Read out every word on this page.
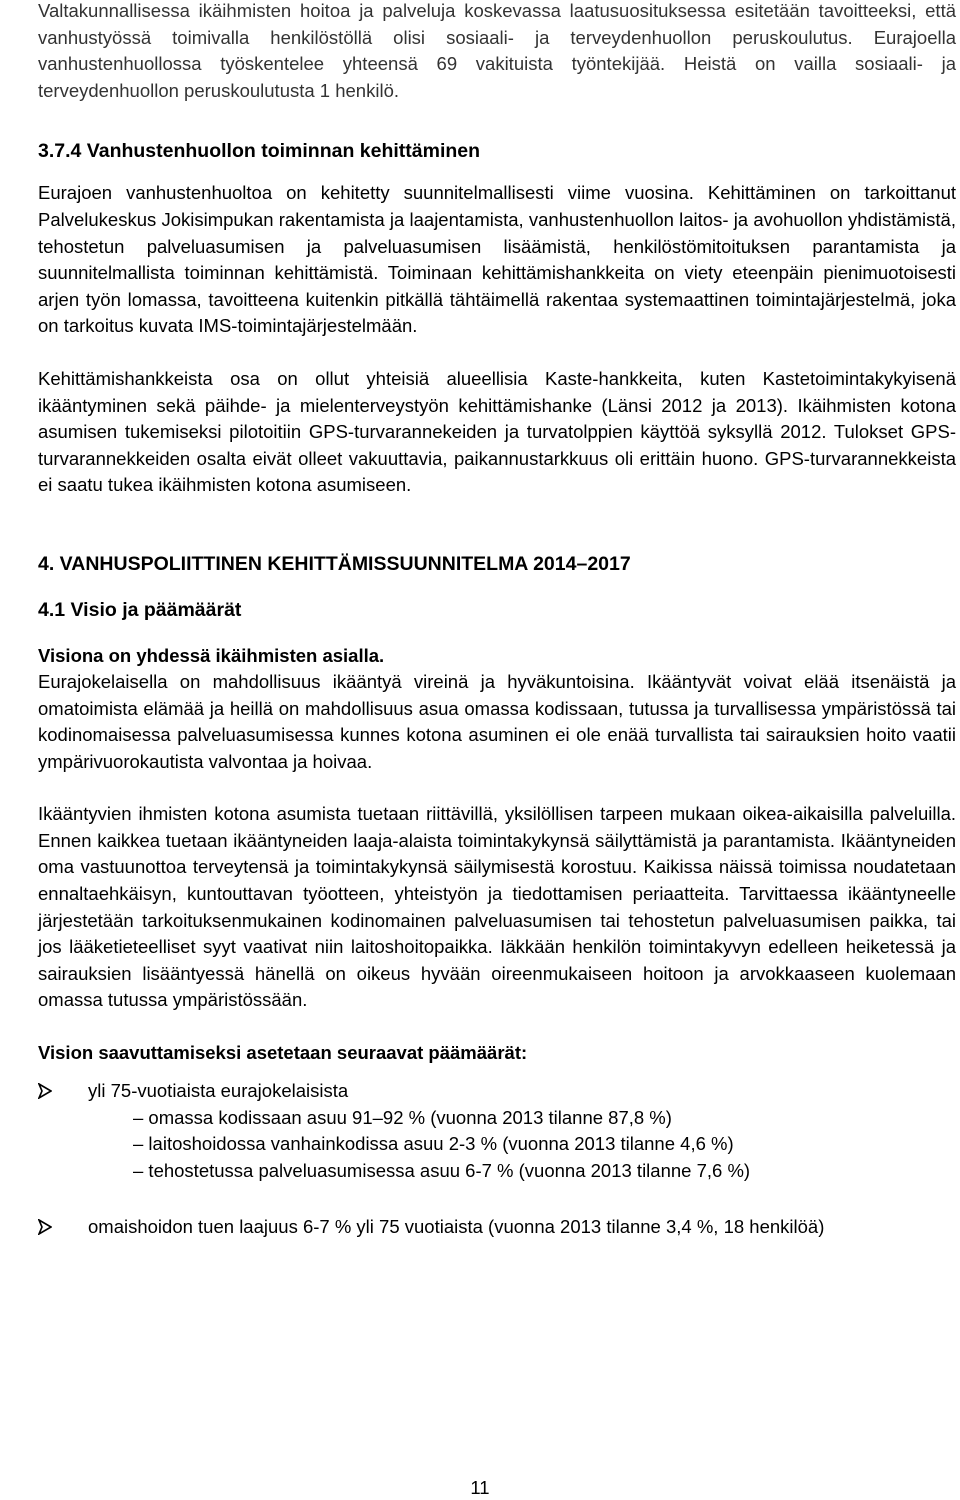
Valtakunnallisessa ikäihmisten hoitoa ja palveluja koskevassa laatusuosituksessa esitetään tavoitteeksi, että vanhustyössä toimivalla henkilöstöllä olisi sosiaali- ja terveydenhuollon peruskoulutus. Eurajoella vanhustenhuollossa työskentelee yhteensä 69 vakituista työntekijää. Heistä on vailla sosiaali- ja terveydenhuollon peruskoulutusta 1 henkilö.

3.7.4 Vanhustenhuollon toiminnan kehittäminen

Eurajoen vanhustenhuoltoa on kehitetty suunnitelmallisesti viime vuosina. Kehittäminen on tarkoittanut Palvelukeskus Jokisimpukan rakentamista ja laajentamista, vanhustenhuollon laitos- ja avohuollon yhdistämistä, tehostetun palveluasumisen ja palveluasumisen lisäämistä, henkilöstömitoituksen parantamista ja suunnitelmallista toiminnan kehittämistä. Toiminaan kehittämishankkeita on viety eteenpäin pienimuotoisesti arjen työn lomassa, tavoitteena kuitenkin pitkällä tähtäimellä rakentaa systemaattinen toimintajärjestelmä, joka on tarkoitus kuvata IMS-toimintajärjestelmään.

Kehittämishankkeista osa on ollut yhteisiä alueellisia Kaste-hankkeita, kuten Kastetoimintakykyisenä ikääntyminen sekä päihde- ja mielenterveystyön kehittämishanke (Länsi 2012 ja 2013). Ikäihmisten kotona asumisen tukemiseksi pilotoitiin GPS-turvarannekeiden ja turvatolppien käyttöä syksyllä 2012. Tulokset GPS-turvarannekkeiden osalta eivät olleet vakuuttavia, paikannustarkkuus oli erittäin huono. GPS-turvarannekkeista ei saatu tukea ikäihmisten kotona asumiseen.

4. VANHUSPOLIITTINEN KEHITTÄMISSUUNNITELMA 2014–2017
4.1 Visio ja päämäärät

Visiona on yhdessä ikäihmisten asialla.

Eurajokelaisella on mahdollisuus ikääntyä vireinä ja hyväkuntoisina. Ikääntyvät voivat elää itsenäistä ja omatoimista elämää ja heillä on mahdollisuus asua omassa kodissaan, tutussa ja turvallisessa ympäristössä tai kodinomaisessa palveluasumisessa kunnes kotona asuminen ei ole enää turvallista tai sairauksien hoito vaatii ympärivuorokautista valvontaa ja hoivaa.

Ikääntyvien ihmisten kotona asumista tuetaan riittävillä, yksilöllisen tarpeen mukaan oikea-aikaisilla palveluilla. Ennen kaikkea tuetaan ikääntyneiden laaja-alaista toimintakykynsä säilyttämistä ja parantamista. Ikääntyneiden oma vastuunottoa terveytensä ja toimintakykynsä säilymisestä korostuu. Kaikissa näissä toimissa noudatetaan ennaltaehkäisyn, kuntouttavan työotteen, yhteistyön ja tiedottamisen periaatteita. Tarvittaessa ikääntyneelle järjestetään tarkoituksenmukainen kodinomainen palveluasumisen tai tehostetun palveluasumisen paikka, tai jos lääketieteelliset syyt vaativat niin laitoshoitopaikka. Iäkkään henkilön toimintakyvyn edelleen heiketessä ja sairauksien lisääntyessä hänellä on oikeus hyvään oireenmukaiseen hoitoon ja arvokkaaseen kuolemaan omassa tutussa ympäristössään.

Vision saavuttamiseksi asetetaan seuraavat päämäärät:

yli 75-vuotiaista eurajokelaisista
– omassa kodissaan asuu 91–92 % (vuonna 2013 tilanne 87,8 %)
– laitoshoidossa vanhainkodissa asuu 2-3 % (vuonna 2013 tilanne 4,6 %)
– tehostetussa palveluasumisessa asuu 6-7 % (vuonna 2013 tilanne 7,6 %)
omaishoidon tuen laajuus 6-7 % yli 75 vuotiaista (vuonna 2013 tilanne 3,4 %, 18 henkilöä)
11
